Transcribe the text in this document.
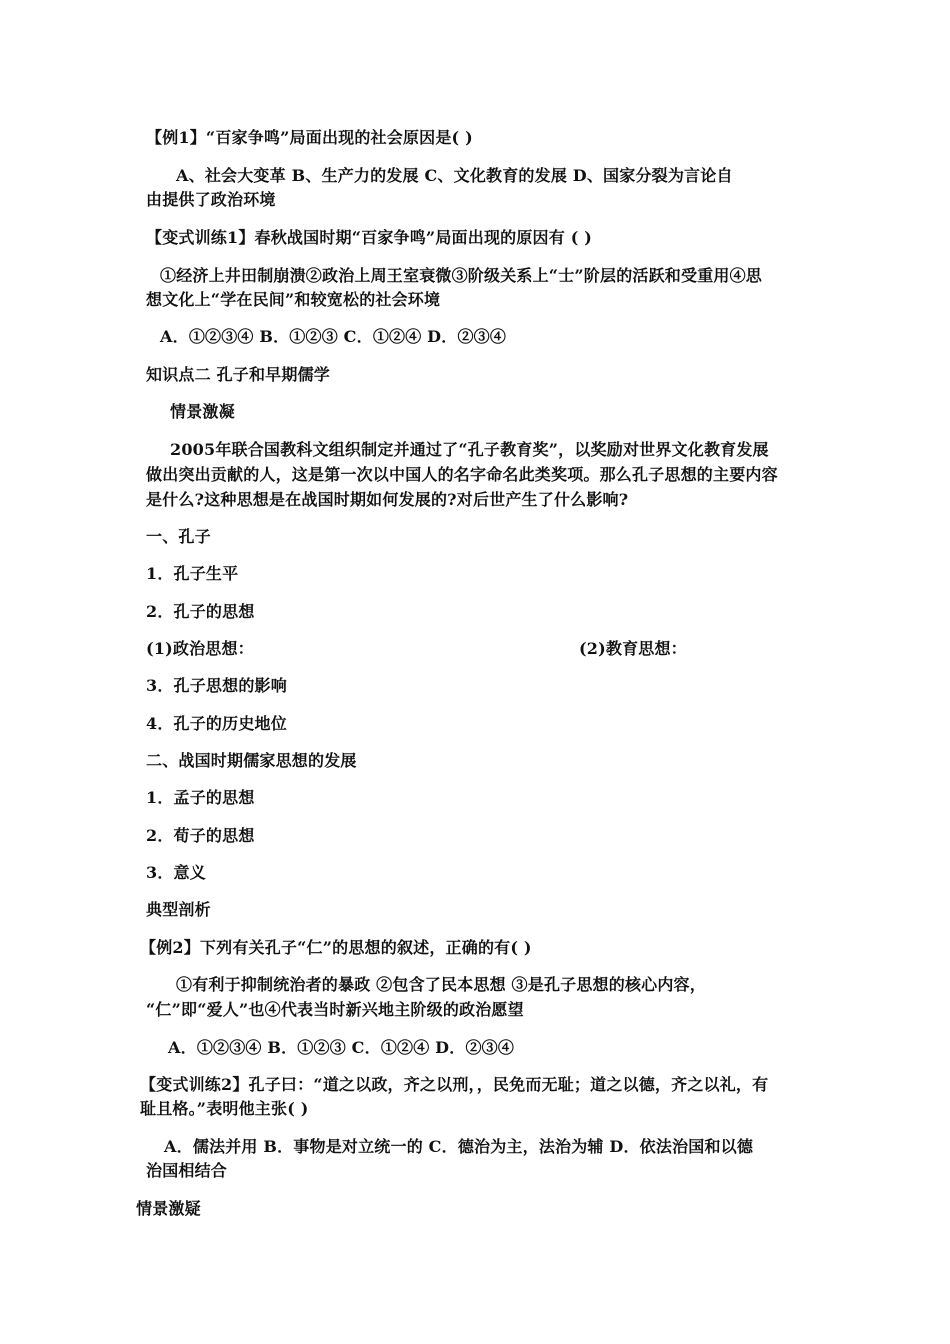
【例1】“百家争鸣”局面出现的社会原因是( )
A、社会大变革 B、生产力的发展 C、文化教育的发展 D、国家分裂为言论自
由提供了政治环境
【变式训练1】春秋战国时期“百家争鸣”局面出现的原因有 ( )
①经济上井田制崩溃②政治上周王室衰微③阶级关系上“士”阶层的活跃和受重用④思
想文化上“学在民间”和较宽松的社会环境
A．①②③④ B．①②③ C．①②④ D．②③④
知识点二 孔子和早期儒学
情景激凝
2005年联合国教科文组织制定并通过了“孔子教育奖”，以奖励对世界文化教育发展
做出突出贡献的人，这是第一次以中国人的名字命名此类奖项。那么孔子思想的主要内容
是什么?这种思想是在战国时期如何发展的?对后世产生了什么影响?
一、孔子
1．孔子生平
2．孔子的思想
(1)政治思想：	(2)教育思想：
3．孔子思想的影响
4．孔子的历史地位
二、战国时期儒家思想的发展
1．孟子的思想
2．荀子的思想
3．意义
典型剖析
【例2】下列有关孔子“仁”的思想的叙述，正确的有( )
①有利于抑制统治者的暴政 ②包含了民本思想 ③是孔子思想的核心内容，
“仁”即“爱人”也④代表当时新兴地主阶级的政治愿望
A．①②③④ B．①②③ C．①②④ D．②③④
【变式训练2】孔子曰：“道之以政，齐之以刑，，民免而无耻；道之以德，齐之以礼，有
耻且格。”表明他主张( )
A．儒法并用 B．事物是对立统一的 C．德治为主，法治为辅 D．依法治国和以德
治国相结合
情景激疑
